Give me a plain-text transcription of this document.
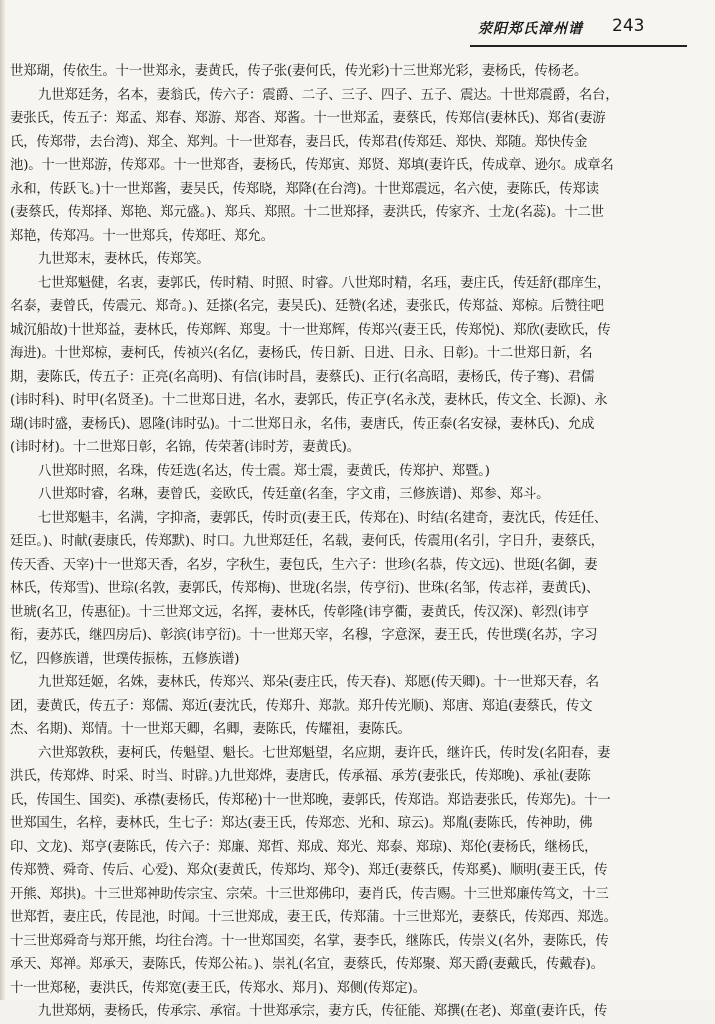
荥阳郑氏漳州谱 243
世郑瑚，传依生。十一世郑永，妻黄氏，传子张(妻何氏，传光彩)十三世郑光彩，妻杨氏，传杨老。
九世郑廷务，名本，妻翁氏，传六子：震爵、二子、三子、四子、五子、震达。十世郑震爵，名台，
妻张氏，传五子：郑孟、郑春、郑游、郑沓、郑酱。十一世郑孟，妻蔡氏，传郑信(妻林氏)、郑省(妻游
氏，传郑带，去台湾)、郑全、郑判。十一世郑春，妻吕氏，传郑君(传郑廷、郑快、郑随。郑快传金
池)。十一世郑游，传郑邓。十一世郑沓，妻杨氏，传郑寅、郑贤、郑填(妻许氏，传成章、逊尔。成章名
永和，传跃飞。)十一世郑酱，妻吴氏，传郑晓，郑降(在台湾)。十世郑震远，名六使，妻陈氏，传郑读
(妻蔡氏，传郑择、郑艳、郑元盛。)、郑兵、郑照。十二世郑择，妻洪氏，传家齐、士龙(名蕊)。十二世
郑艳，传郑冯。十一世郑兵，传郑旺、郑允。
九世郑末，妻林氏，传郑笑。
七世郑魁健，名衷，妻郭氏，传时精、时照、时睿。八世郑时精，名珏，妻庄氏，传廷舒(郡庠生，
名泰，妻曾氏，传震元、郑奇。)、廷搽(名完，妻吴氏)、廷赞(名述，妻张氏，传郑益、郑椋。后赞往吧
城沉船故)十世郑益，妻林氏，传郑辉、郑叟。十一世郑辉，传郑兴(妻王氏，传郑悦)、郑欣(妻欧氏，传
海进)。十世郑椋，妻柯氏，传祯兴(名亿，妻杨氏，传日新、日进、日永、日彰)。十二世郑日新，名
期，妻陈氏，传五子：正亮(名高明)、有信(讳时昌，妻蔡氏)、正行(名高昭，妻杨氏，传子骞)、君儒
(讳时科)、时甲(名贤圣)。十二世郑日进，名水，妻郭氏，传正亨(名永茂，妻林氏，传文全、长源)、永
瑚(讳时盛，妻杨氏)、恩隆(讳时弘)。十二世郑日永，名伟，妻唐氏，传正泰(名安禄，妻林氏)、允成
(讳时材)。十二世郑日彰，名锦，传荣著(讳时芳，妻黄氏)。
八世郑时照，名珠，传廷选(名达，传士震。郑士震，妻黄氏，传郑护、郑暨。)
八世郑时睿，名琳，妻曾氏，妾欧氏，传廷童(名奎，字文甫，三修族谱)、郑参、郑斗。
七世郑魁丰，名满，字抑斋，妻郭氏，传时贡(妻王氏，传郑在)、时结(名建奇，妻沈氏，传廷任、
廷臣。)、时献(妻康氏，传郑默)、时口。九世郑廷任，名载，妻何氏，传震用(名引，字日升，妻蔡氏，
传天香、天宰)十一世郑天香，名岁，字秋生，妻包氏，生六子：世珍(名恭，传文远)、世珽(名御，妻
林氏，传郑雪)、世琮(名敦，妻郭氏，传郑梅)、世珑(名崇，传亨衍)、世珠(名邹，传志祥，妻黄氏)、
世琥(名卫，传惠征)。十三世郑文远，名挥，妻林氏，传彰隆(讳亨衢，妻黄氏，传汉深)、彰烈(讳亨
衔，妻苏氏，继四房后)、彰滨(讳亨衍)。十一世郑天宰，名穆，字意深，妻王氏，传世璞(名苏，字习
忆，四修族谱，世璞传振栋，五修族谱)
九世郑廷姬，名姝，妻林氏，传郑兴、郑朵(妻庄氏，传天春)、郑愿(传天卿)。十一世郑天春，名
团，妻黄氏，传五子：郑儒、郑近(妻沈氏，传郑升、郑款。郑升传光顺)、郑唐、郑追(妻蔡氏，传文
杰、名期)、郑情。十一世郑天卿，名卿，妻陈氏，传耀祖，妻陈氏。
六世郑敦秩，妻柯氏，传魁望、魁长。七世郑魁望，名应期，妻许氏，继许氏，传时发(名阳春，妻
洪氏，传郑烨、时采、时当、时辟。)九世郑烨，妻唐氏，传承福、承芳(妻张氏，传郑晚)、承祉(妻陈
氏，传国生、国奕)、承襟(妻杨氏，传郑秘)十一世郑晚，妻郭氏，传郑诰。郑诰妻张氏，传郑先)。十一
世郑国生，名梓，妻林氏，生七子：郑达(妻王氏，传郑恋、光和、琼云)。郑胤(妻陈氏，传神助，佛
印、文龙)、郑亨(妻陈氏，传六子：郑廉、郑哲、郑成、郑光、郑泰、郑琼)、郑伦(妻杨氏，继杨氏，
传郑赞、舜奇、传后、心爱)、郑众(妻黄氏，传郑均、郑令)、郑迁(妻蔡氏，传郑奚)、顺明(妻王氏，传
开熊、郑拱)。十三世郑神助传宗宝、宗荣。十三世郑佛印，妻肖氏，传吉赐。十三世郑廉传笃文，十三
世郑哲，妻庄氏，传昆池，时闻。十三世郑成，妻王氏，传郑蒲。十三世郑光，妻蔡氏，传郑西、郑选。
十三世郑舜奇与郑开熊，均往台湾。十一世郑国奕，名掌，妻李氏，继陈氏，传崇义(名外，妻陈氏，传
承天、郑禅。郑承天，妻陈氏，传郑公祐。)、崇礼(名宜，妻蔡氏，传郑聚、郑天爵(妻戴氏，传戴春)。
十一世郑秘，妻洪氏，传郑宽(妻王氏，传郑水、郑月)、郑侧(传郑定)。
九世郑炳，妻杨氏，传承宗、承宿。十世郑承宗，妻方氏，传征能、郑撰(在老)、郑童(妻许氏，传
